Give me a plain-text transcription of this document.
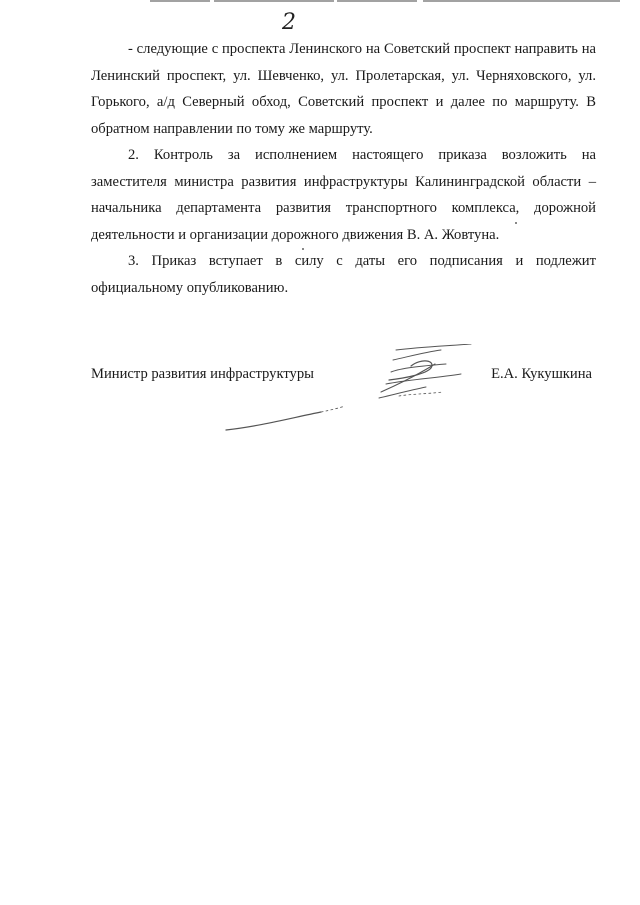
2

- следующие с проспекта Ленинского на Советский проспект направить на Ленинский проспект, ул. Шевченко, ул. Пролетарская, ул. Черняховского, ул. Горького, а/д Северный обход, Советский проспект и далее по маршруту. В обратном направлении по тому же маршруту.

2. Контроль за исполнением настоящего приказа возложить на заместителя министра развития инфраструктуры Калининградской области – начальника департамента развития транспортного комплекса, дорожной деятельности и организации дорожного движения В. А. Жовтуна.

3. Приказ вступает в силу с даты его подписания и подлежит официальному опубликованию.

Министр развития инфраструктуры	Е.А. Кукушкина
